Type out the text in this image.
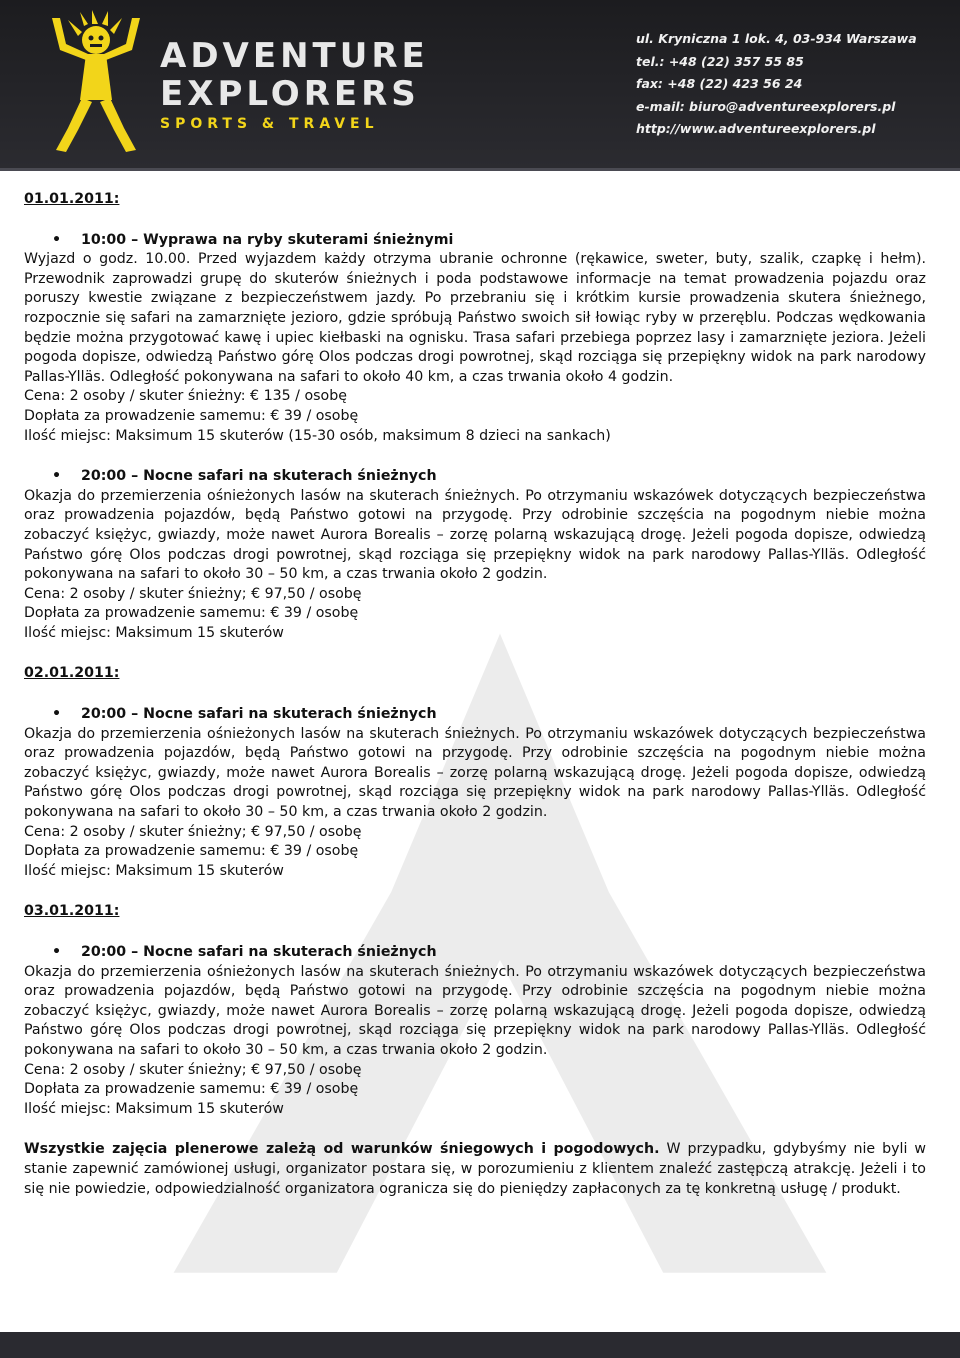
ADVENTURE
EXPLORERS
SPORTS & TRAVEL
ul. Kryniczna 1 lok. 4, 03-934 Warszawa
tel.: +48 (22) 357 55 85
fax: +48 (22) 423 56 24
e-mail: biuro@adventureexplorers.pl
http://www.adventureexplorers.pl

01.01.2011:

• 10:00 – Wyprawa na ryby skuterami śnieżnymi

Wyjazd o godz. 10.00. Przed wyjazdem każdy otrzyma ubranie ochronne (rękawice, sweter, buty, szalik, czapkę i hełm). Przewodnik zaprowadzi grupę do skuterów śnieżnych i poda podstawowe informacje na temat prowadzenia pojazdu oraz poruszy kwestie związane z bezpieczeństwem jazdy. Po przebraniu się i krótkim kursie prowadzenia skutera śnieżnego, rozpocznie się safari na zamarznięte jezioro, gdzie spróbują Państwo swoich sił łowiąc ryby w przeręblu. Podczas wędkowania będzie można przygotować kawę i upiec kiełbaski na ognisku. Trasa safari przebiega poprzez lasy i zamarznięte jeziora. Jeżeli pogoda dopisze, odwiedzą Państwo górę Olos podczas drogi powrotnej, skąd rozciąga się przepiękny widok na park narodowy Pallas-Ylläs. Odległość pokonywana na safari to około 40 km, a czas trwania około 4 godzin.

Cena: 2 osoby / skuter śnieżny: € 135 / osobę

Dopłata za prowadzenie samemu: € 39 / osobę

Ilość miejsc: Maksimum 15 skuterów (15-30 osób, maksimum 8 dzieci na sankach)

• 20:00 – Nocne safari na skuterach śnieżnych

Okazja do przemierzenia ośnieżonych lasów na skuterach śnieżnych. Po otrzymaniu wskazówek dotyczących bezpieczeństwa oraz prowadzenia pojazdów, będą Państwo gotowi na przygodę. Przy odrobinie szczęścia na pogodnym niebie można zobaczyć księżyc, gwiazdy, może nawet Aurora Borealis – zorzę polarną wskazującą drogę. Jeżeli pogoda dopisze, odwiedzą Państwo górę Olos podczas drogi powrotnej, skąd rozciąga się przepiękny widok na park narodowy Pallas-Ylläs. Odległość pokonywana na safari to około 30 – 50 km, a czas trwania około 2 godzin.

Cena: 2 osoby / skuter śnieżny; € 97,50 / osobę

Dopłata za prowadzenie samemu: € 39 / osobę

Ilość miejsc: Maksimum 15 skuterów

02.01.2011:

• 20:00 – Nocne safari na skuterach śnieżnych

Okazja do przemierzenia ośnieżonych lasów na skuterach śnieżnych. Po otrzymaniu wskazówek dotyczących bezpieczeństwa oraz prowadzenia pojazdów, będą Państwo gotowi na przygodę. Przy odrobinie szczęścia na pogodnym niebie można zobaczyć księżyc, gwiazdy, może nawet Aurora Borealis – zorzę polarną wskazującą drogę. Jeżeli pogoda dopisze, odwiedzą Państwo górę Olos podczas drogi powrotnej, skąd rozciąga się przepiękny widok na park narodowy Pallas-Ylläs. Odległość pokonywana na safari to około 30 – 50 km, a czas trwania około 2 godzin.

Cena: 2 osoby / skuter śnieżny; € 97,50 / osobę

Dopłata za prowadzenie samemu: € 39 / osobę

Ilość miejsc: Maksimum 15 skuterów

03.01.2011:

• 20:00 – Nocne safari na skuterach śnieżnych

Okazja do przemierzenia ośnieżonych lasów na skuterach śnieżnych. Po otrzymaniu wskazówek dotyczących bezpieczeństwa oraz prowadzenia pojazdów, będą Państwo gotowi na przygodę. Przy odrobinie szczęścia na pogodnym niebie można zobaczyć księżyc, gwiazdy, może nawet Aurora Borealis – zorzę polarną wskazującą drogę. Jeżeli pogoda dopisze, odwiedzą Państwo górę Olos podczas drogi powrotnej, skąd rozciąga się przepiękny widok na park narodowy Pallas-Ylläs. Odległość pokonywana na safari to około 30 – 50 km, a czas trwania około 2 godzin.

Cena: 2 osoby / skuter śnieżny; € 97,50 / osobę

Dopłata za prowadzenie samemu: € 39 / osobę

Ilość miejsc: Maksimum 15 skuterów

Wszystkie zajęcia plenerowe zależą od warunków śniegowych i pogodowych. W przypadku, gdybyśmy nie byli w stanie zapewnić zamówionej usługi, organizator postara się, w porozumieniu z klientem znaleźć zastępczą atrakcję. Jeżeli i to się nie powiedzie, odpowiedzialność organizatora ogranicza się do pieniędzy zapłaconych za tę konkretną usługę / produkt.
